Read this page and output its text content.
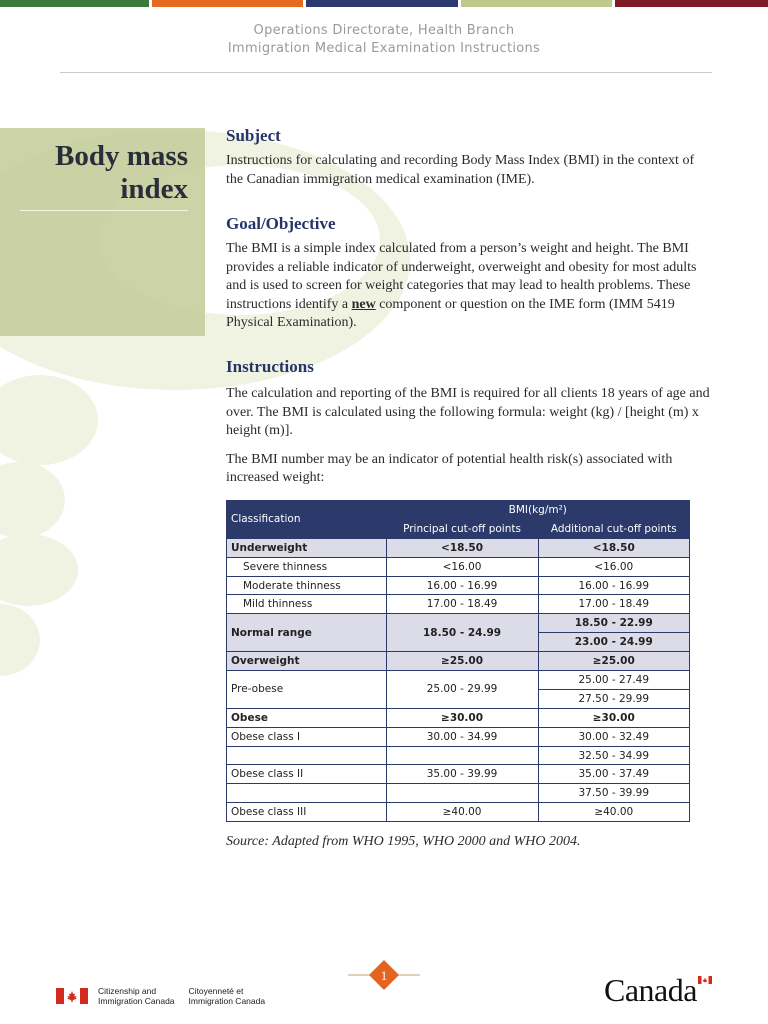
Operations Directorate, Health Branch
Immigration Medical Examination Instructions
Body mass
index
Subject

Instructions for calculating and recording Body Mass Index (BMI) in the context of the Canadian immigration medical examination (IME).

Goal/Objective

The BMI is a simple index calculated from a person’s weight and height. The BMI provides a reliable indicator of underweight, overweight and obesity for most adults and is used to screen for weight categories that may lead to health problems. These instructions identify a new component or question on the IME form (IMM 5419 Physical Examination).

Instructions

The calculation and reporting of the BMI is required for all clients 18 years of age and over. The BMI is calculated using the following formula: weight (kg) / [height (m) x height (m)].

The BMI number may be an indicator of potential health risk(s) associated with increased weight:

Classification	BMI(kg/m²)	
	Principal cut-off points	Additional cut-off points
Underweight	<18.50	<18.50
Severe thinness	<16.00	<16.00
Moderate thinness	16.00 - 16.99	16.00 - 16.99
Mild thinness	17.00 - 18.49	17.00 - 18.49
Normal range	18.50 - 24.99	18.50 - 22.99
		23.00 - 24.99
Overweight	≥25.00	≥25.00
Pre-obese	25.00 - 29.99	25.00 - 27.49
		27.50 - 29.99
Obese	≥30.00	≥30.00
Obese class I	30.00 - 34.99	30.00 - 32.49
		32.50 - 34.99
Obese class II	35.00 - 39.99	35.00 - 37.49
		37.50 - 39.99
Obese class III	≥40.00	≥40.00
Source: Adapted from WHO 1995, WHO 2000 and WHO 2004.
1
Citizenship and
Immigration Canada
Citoyenneté et
Immigration Canada	Canada
